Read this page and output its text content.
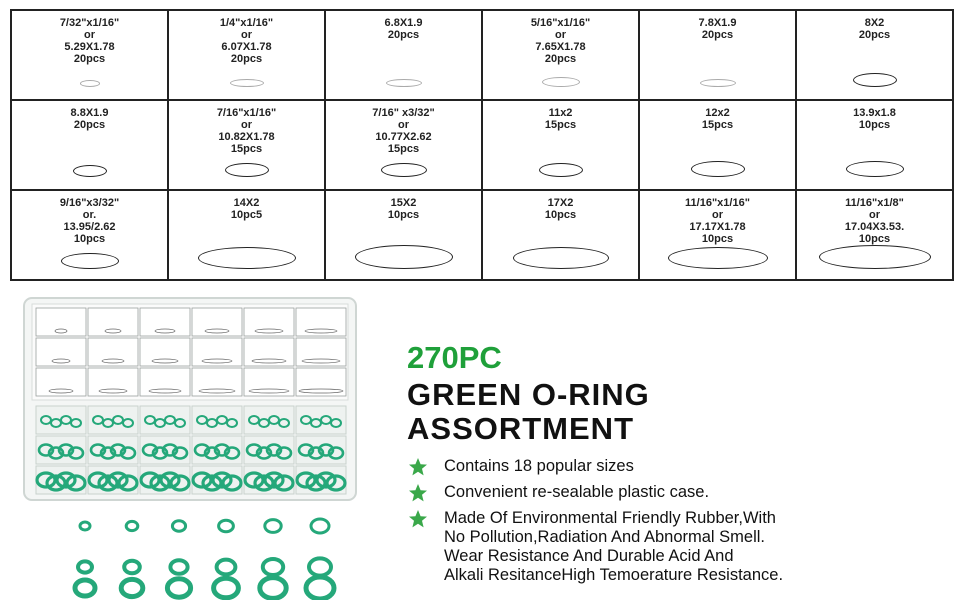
7/32"x1/16"
or
5.29X1.78
20pcs
1/4"x1/16"
or
6.07X1.78
20pcs
6.8X1.9
20pcs
5/16"x1/16"
or
7.65X1.78
20pcs
7.8X1.9
20pcs
8X2
20pcs
8.8X1.9
20pcs
7/16"x1/16"
or
10.82X1.78
15pcs
7/16" x3/32"
or
10.77X2.62
15pcs
11x2
15pcs
12x2
15pcs
13.9x1.8
10pcs
9/16"x3/32"
or.
13.95/2.62
10pcs
14X2
10pc5
15X2
10pcs
17X2
10pcs
11/16"x1/16"
or
17.17X1.78
10pcs
11/16"x1/8"
or
17.04X3.53.
10pcs
270PC
GREEN O-RING
ASSORTMENT
Contains 18 popular sizes
Convenient re-sealable plastic case.
Made Of Environmental Friendly Rubber,With
No Pollution,Radiation And Abnormal Smell.
Wear Resistance And Durable Acid And
Alkali ResitanceHigh Temoerature Resistance.
